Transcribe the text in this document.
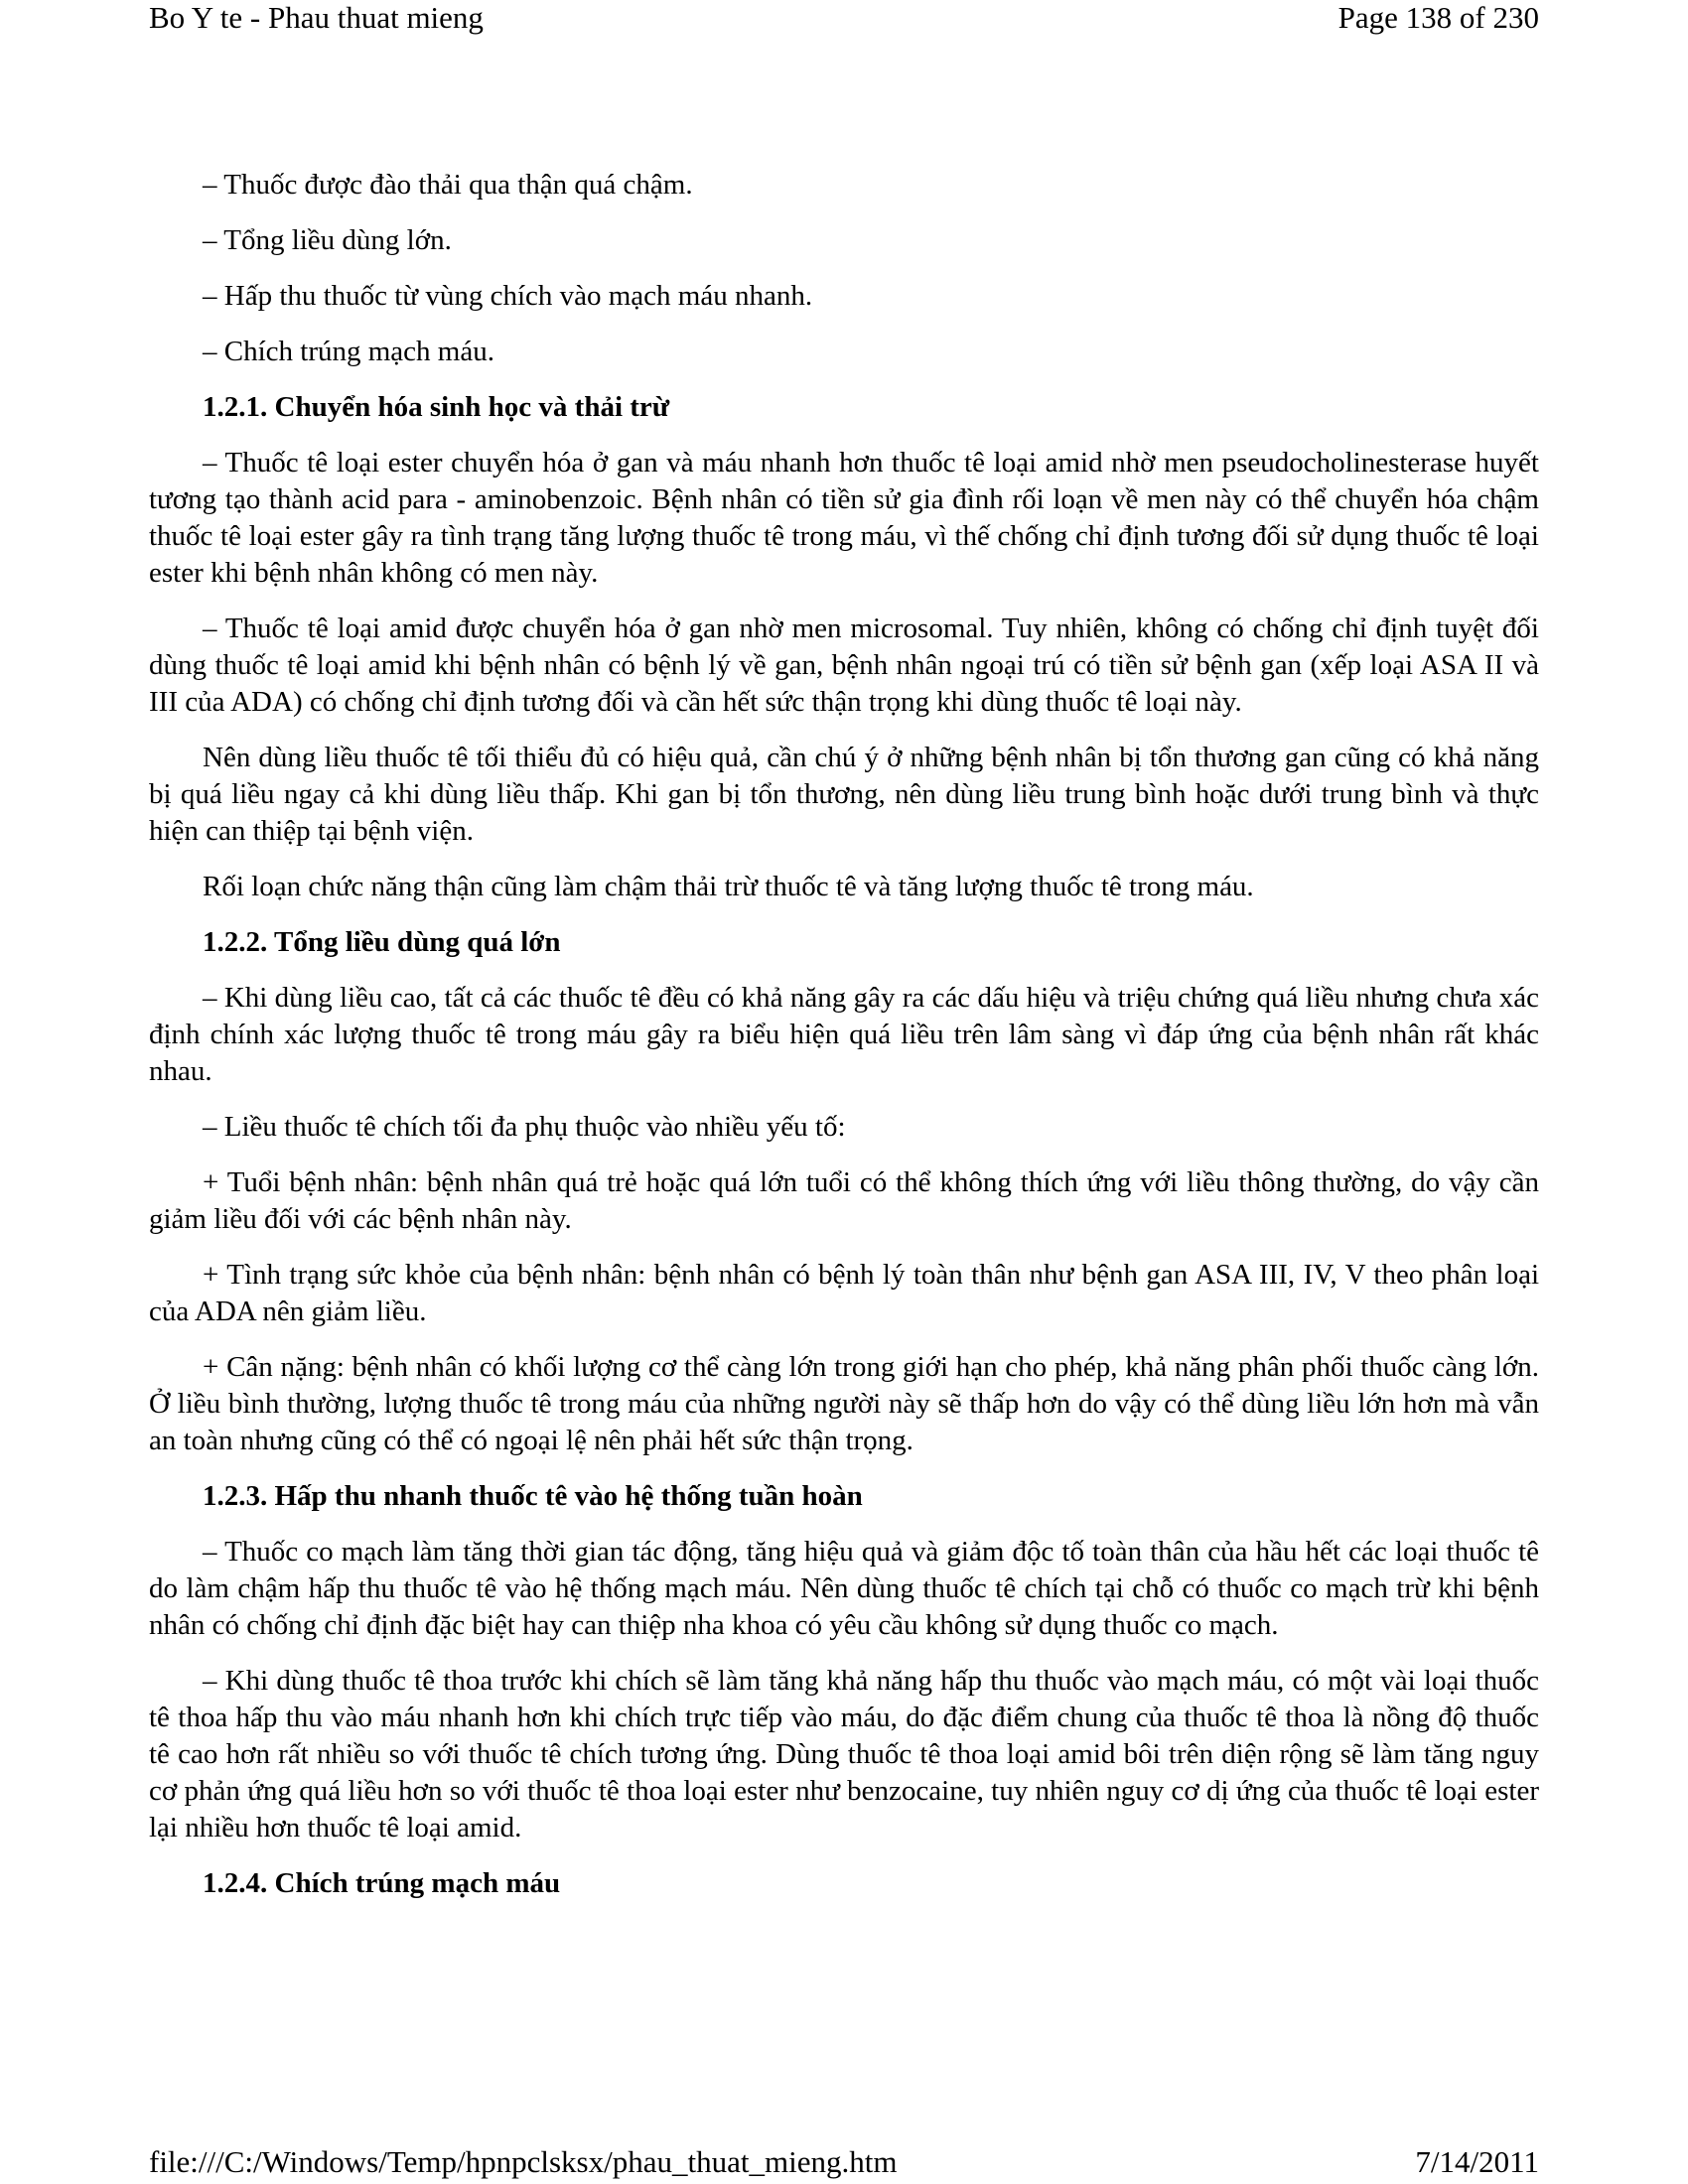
Bo Y te - Phau thuat mieng	Page 138 of 230

– Thuốc được đào thải qua thận quá chậm.

– Tổng liều dùng lớn.

– Hấp thu thuốc từ vùng chích vào mạch máu nhanh.

– Chích trúng mạch máu.

1.2.1. Chuyển hóa sinh học và thải trừ

– Thuốc tê loại ester chuyển hóa ở gan và máu nhanh hơn thuốc tê loại amid nhờ men pseudocholinesterase huyết tương tạo thành acid para - aminobenzoic. Bệnh nhân có tiền sử gia đình rối loạn về men này có thể chuyển hóa chậm thuốc tê loại ester gây ra tình trạng tăng lượng thuốc tê trong máu, vì thế chống chỉ định tương đối sử dụng thuốc tê loại ester khi bệnh nhân không có men này.

– Thuốc tê loại amid được chuyển hóa ở gan nhờ men microsomal. Tuy nhiên, không có chống chỉ định tuyệt đối dùng thuốc tê loại amid khi bệnh nhân có bệnh lý về gan, bệnh nhân ngoại trú có tiền sử bệnh gan (xếp loại ASA II và III của ADA) có chống chỉ định tương đối và cần hết sức thận trọng khi dùng thuốc tê loại này.

Nên dùng liều thuốc tê tối thiểu đủ có hiệu quả, cần chú ý ở những bệnh nhân bị tổn thương gan cũng có khả năng bị quá liều ngay cả khi dùng liều thấp. Khi gan bị tổn thương, nên dùng liều trung bình hoặc dưới trung bình và thực hiện can thiệp tại bệnh viện.

Rối loạn chức năng thận cũng làm chậm thải trừ thuốc tê và tăng lượng thuốc tê trong máu.

1.2.2. Tổng liều dùng quá lớn

– Khi dùng liều cao, tất cả các thuốc tê đều có khả năng gây ra các dấu hiệu và triệu chứng quá liều nhưng chưa xác định chính xác lượng thuốc tê trong máu gây ra biểu hiện quá liều trên lâm sàng vì đáp ứng của bệnh nhân rất khác nhau.

– Liều thuốc tê chích tối đa phụ thuộc vào nhiều yếu tố:

+ Tuổi bệnh nhân: bệnh nhân quá trẻ hoặc quá lớn tuổi có thể không thích ứng với liều thông thường, do vậy cần giảm liều đối với các bệnh nhân này.

+ Tình trạng sức khỏe của bệnh nhân: bệnh nhân có bệnh lý toàn thân như bệnh gan ASA III, IV, V theo phân loại của ADA nên giảm liều.

+ Cân nặng: bệnh nhân có khối lượng cơ thể càng lớn trong giới hạn cho phép, khả năng phân phối thuốc càng lớn. Ở liều bình thường, lượng thuốc tê trong máu của những người này sẽ thấp hơn do vậy có thể dùng liều lớn hơn mà vẫn an toàn nhưng cũng có thể có ngoại lệ nên phải hết sức thận trọng.

1.2.3. Hấp thu nhanh thuốc tê vào hệ thống tuần hoàn

– Thuốc co mạch làm tăng thời gian tác động, tăng hiệu quả và giảm độc tố toàn thân của hầu hết các loại thuốc tê do làm chậm hấp thu thuốc tê vào hệ thống mạch máu. Nên dùng thuốc tê chích tại chỗ có thuốc co mạch trừ khi bệnh nhân có chống chỉ định đặc biệt hay can thiệp nha khoa có yêu cầu không sử dụng thuốc co mạch.

– Khi dùng thuốc tê thoa trước khi chích sẽ làm tăng khả năng hấp thu thuốc vào mạch máu, có một vài loại thuốc tê thoa hấp thu vào máu nhanh hơn khi chích trực tiếp vào máu, do đặc điểm chung của thuốc tê thoa là nồng độ thuốc tê cao hơn rất nhiều so với thuốc tê chích tương ứng. Dùng thuốc tê thoa loại amid bôi trên diện rộng sẽ làm tăng nguy cơ phản ứng quá liều hơn so với thuốc tê thoa loại ester như benzocaine, tuy nhiên nguy cơ dị ứng của thuốc tê loại ester lại nhiều hơn thuốc tê loại amid.

1.2.4. Chích trúng mạch máu

file:///C:/Windows/Temp/hpnpclsksx/phau_thuat_mieng.htm	7/14/2011
